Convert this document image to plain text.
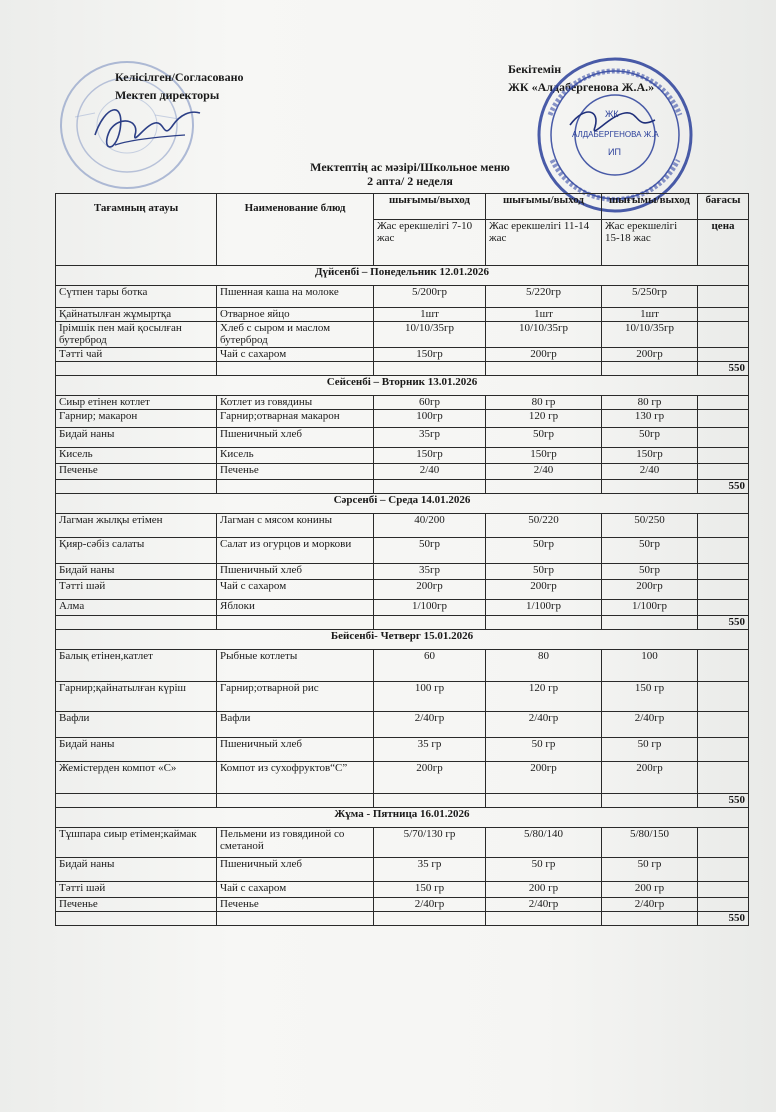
Келісілген/Согласовано
Мектеп директоры
Бекітемін
ЖК «Алдабергенова Ж.А.»
ЖК
АЛДАБЕРГЕНОВА Ж.А
ИП
Мектептің ас мәзірі/Школьное меню
2 апта/ 2 неделя
Тағамның атауы	Наименование блюд	шығымы/выход	шығымы/выход	шығымы/выход	бағасы
		Жас ерекшелігі 7-10 жас	Жас ерекшелігі 11-14 жас	Жас ерекшелігі 15-18 жас	цена
Дүйсенбі – Понедельник 12.01.2026					
Сүтпен тары ботка	Пшенная каша на молоке	5/200гр	5/220гр	5/250гр	
Қайнатылған жұмыртқа	Отварное яйцо	1шт	1шт	1шт	
Ірімшік пен май қосылған бутерброд	Хлеб с сыром и маслом бутерброд	10/10/35гр	10/10/35гр	10/10/35гр	
Тәтті чай	Чай с сахаром	150гр	200гр	200гр	
					550
Сейсенбі – Вторник 13.01.2026					
Сиыр етінен котлет	Котлет из говядины	60гр	80 гр	80 гр	
Гарнир; макарон	Гарнир;отварная макарон	100гр	120 гр	130 гр	
Бидай наны	Пшеничный хлеб	35гр	50гр	50гр	
Кисель	Кисель	150гр	150гр	150гр	
Печенье	Печенье	2/40	2/40	2/40	
					550
Сәрсенбі – Среда 14.01.2026					
Лагман жылқы етімен	Лагман с мясом конины	40/200	50/220	50/250	
Қияр-сәбіз салаты	Салат из огурцов и моркови	50гр	50гр	50гр	
Бидай наны	Пшеничный хлеб	35гр	50гр	50гр	
Тәтті шәй	Чай с сахаром	200гр	200гр	200гр	
Алма	Яблоки	1/100гр	1/100гр	1/100гр	
					550
Бейсенбі- Четверг 15.01.2026					
Балық етінен,катлет	Рыбные котлеты	60	80	100	
Гарнир;қайнатылған күріш	Гарнир;отварной рис	100 гр	120 гр	150 гр	
Вафли	Вафли	2/40гр	2/40гр	2/40гр	
Бидай наны	Пшеничный хлеб	35 гр	50 гр	50 гр	
Жемістерден компот «С»	Компот из сухофруктов“С”	200гр	200гр	200гр	
					550
Жұма - Пятница 16.01.2026					
Тұшпара сиыр етімен;каймак	Пельмени из говядиной со сметаной	5/70/130 гр	5/80/140	5/80/150	
Бидай наны	Пшеничный хлеб	35 гр	50 гр	50 гр	
Тәтті шәй	Чай с сахаром	150 гр	200 гр	200 гр	
Печенье	Печенье	2/40гр	2/40гр	2/40гр	
					550
